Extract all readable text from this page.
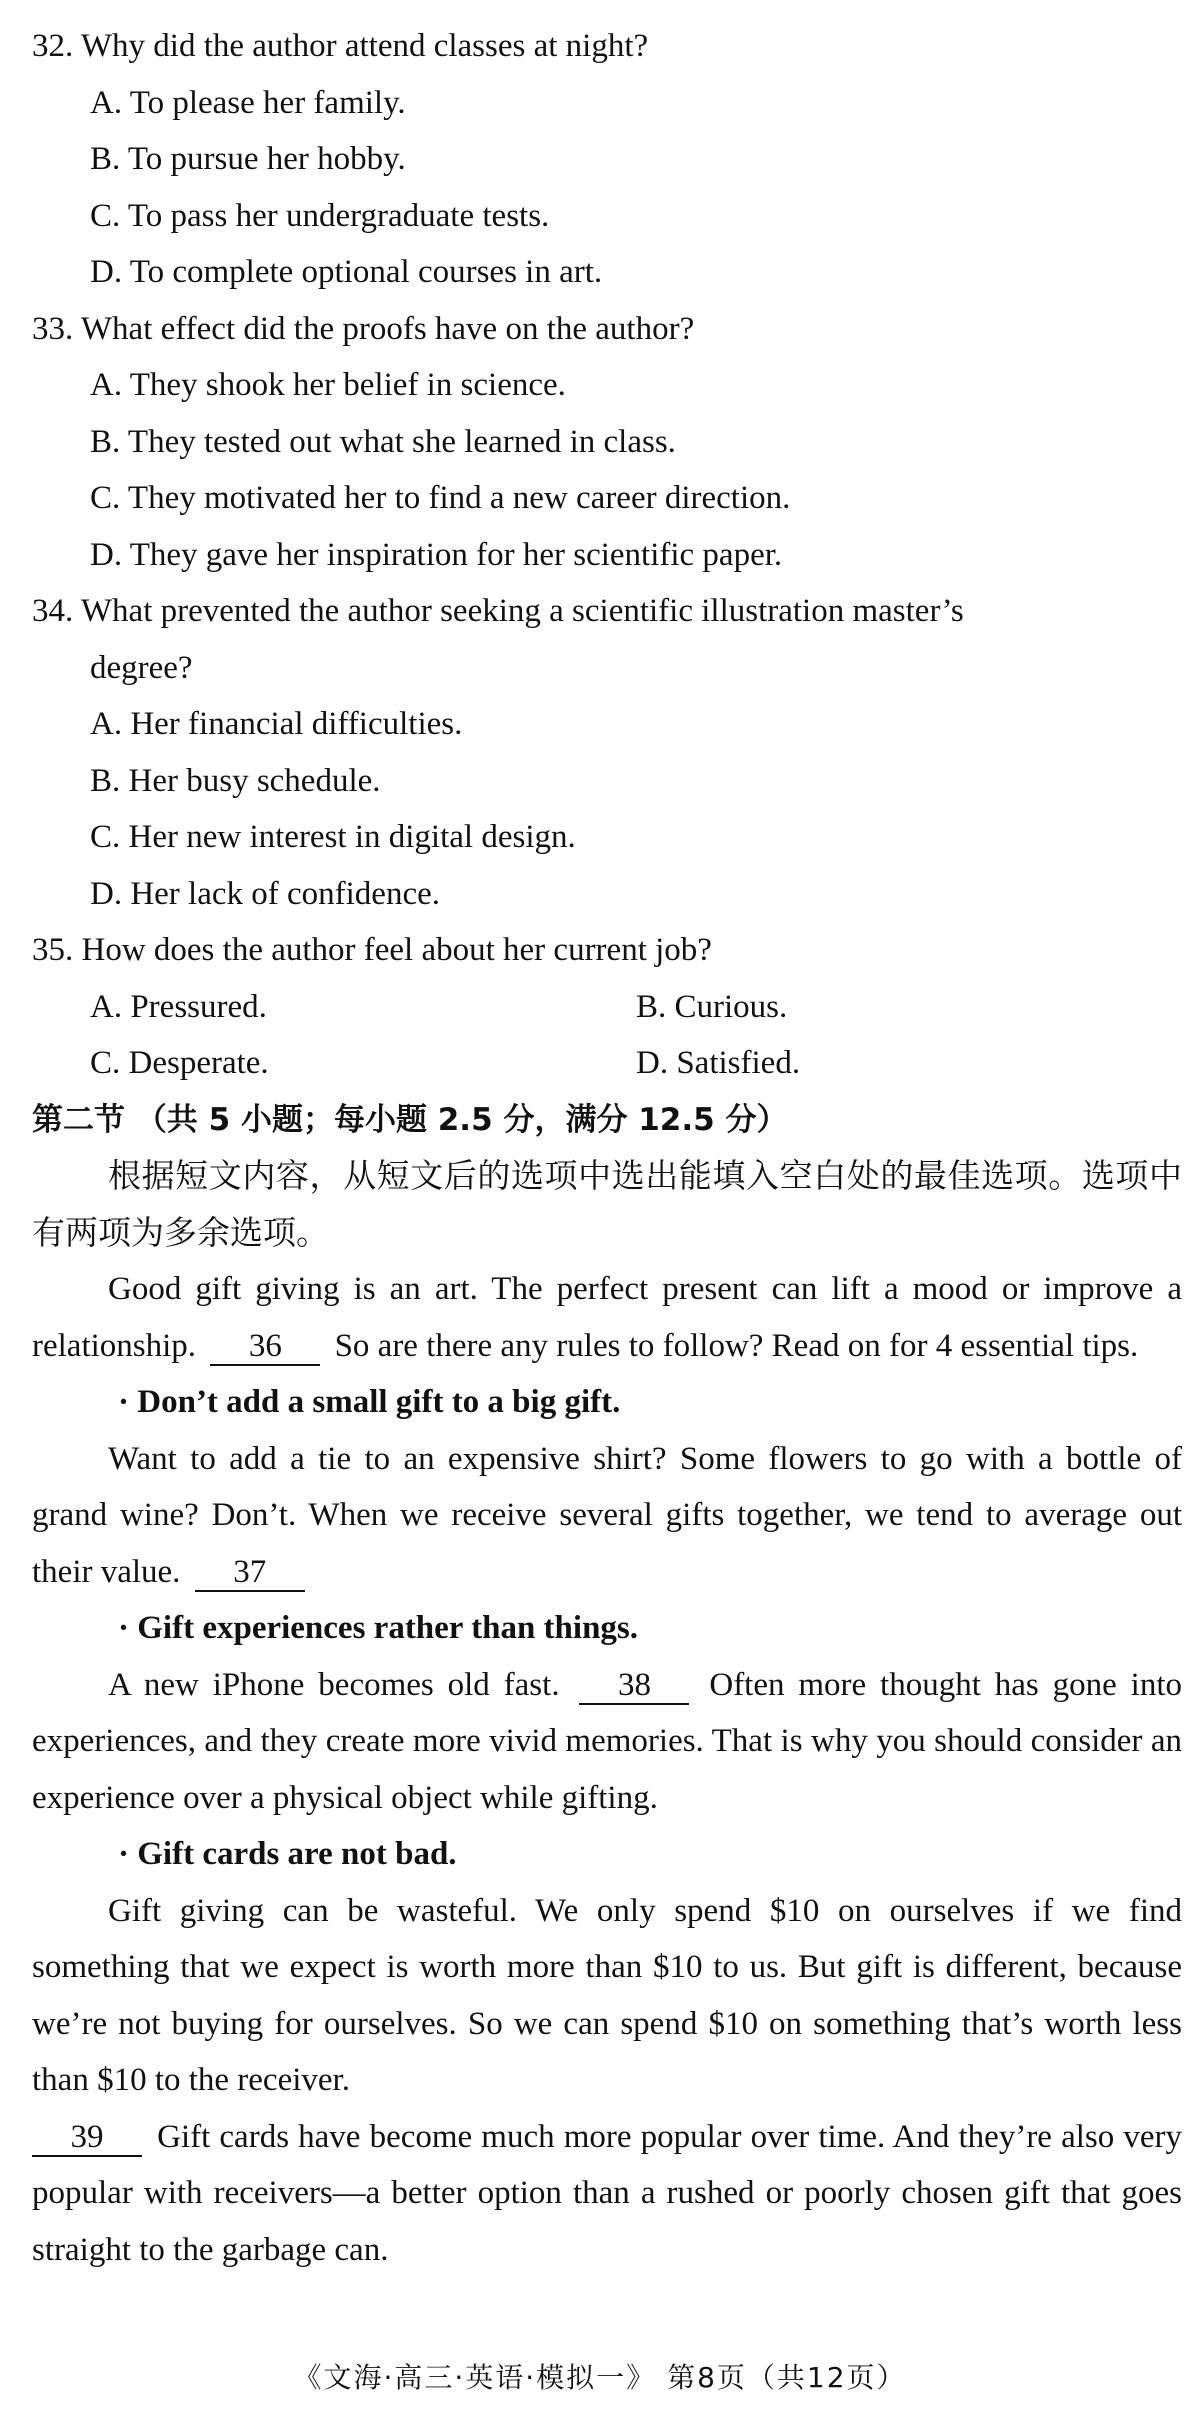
32. Why did the author attend classes at night?
A. To please her family.
B. To pursue her hobby.
C. To pass her undergraduate tests.
D. To complete optional courses in art.
33. What effect did the proofs have on the author?
A. They shook her belief in science.
B. They tested out what she learned in class.
C. They motivated her to find a new career direction.
D. They gave her inspiration for her scientific paper.
34. What prevented the author seeking a scientific illustration master’s
degree?
A. Her financial difficulties.
B. Her busy schedule.
C. Her new interest in digital design.
D. Her lack of confidence.
35. How does the author feel about her current job?
A. Pressured.	B. Curious.
C. Desperate.	D. Satisfied.
第二节 （共 5 小题；每小题 2.5 分，满分 12.5 分）
根据短文内容，从短文后的选项中选出能填入空白处的最佳选项。选项中有两项为多余选项。
Good gift giving is an art. The perfect present can lift a mood or improve a relationship. 36 So are there any rules to follow? Read on for 4 essential tips.
· Don’t add a small gift to a big gift.
Want to add a tie to an expensive shirt? Some flowers to go with a bottle of grand wine? Don’t. When we receive several gifts together, we tend to average out their value. 37
· Gift experiences rather than things.
A new iPhone becomes old fast. 38 Often more thought has gone into experiences, and they create more vivid memories. That is why you should consider an experience over a physical object while gifting.
· Gift cards are not bad.
Gift giving can be wasteful. We only spend $10 on ourselves if we find something that we expect is worth more than $10 to us. But gift is different, because we’re not buying for ourselves. So we can spend $10 on something that’s worth less than $10 to the receiver.
39 Gift cards have become much more popular over time. And they’re also very popular with receivers—a better option than a rushed or poorly chosen gift that goes straight to the garbage can.
《文海·高三·英语·模拟一》 第8页（共12页）
